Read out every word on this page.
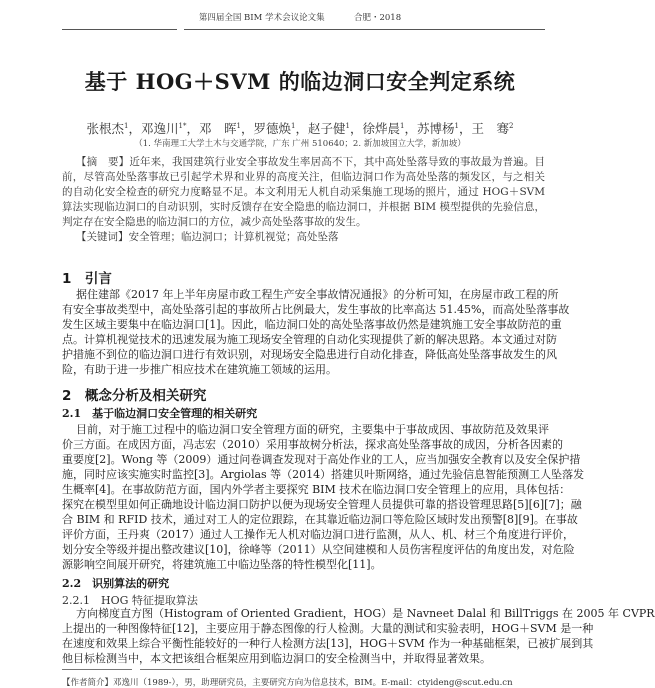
第四届全国 BIM 学术会议论文集	合肥・2018
基于 HOG＋SVM 的临边洞口安全判定系统
张根杰$^1$，邓逸川$^{1*}$，邓　晖$^1$，罗德焕$^1$，赵子健$^1$，徐烨晨$^1$，苏博杨$^1$，王　骞$^2$
（1. 华南理工大学土木与交通学院，广东 广州 510640；2. 新加坡国立大学，新加坡）
【摘　要】近年来，我国建筑行业安全事故发生率居高不下，其中高处坠落导致的事故最为普遍。目
前，尽管高处坠落事故已引起学术界和业界的高度关注，但临边洞口作为高处坠落的频发区，与之相关
的自动化安全检查的研究力度略显不足。本文利用无人机自动采集施工现场的照片，通过 HOG＋SVM
算法实现临边洞口的自动识别，实时反馈存在安全隐患的临边洞口，并根据 BIM 模型提供的先验信息，
判定存在安全隐患的临边洞口的方位，减少高处坠落事故的发生。
【关键词】安全管理；临边洞口；计算机视觉；高处坠落
1　引言
据住建部《2017 年上半年房屋市政工程生产安全事故情况通报》的分析可知，在房屋市政工程的所
有安全事故类型中，高处坠落引起的事故所占比例最大，发生事故的比率高达 51.45%，而高处坠落事故
发生区域主要集中在临边洞口[1]。因此，临边洞口处的高处坠落事故仍然是建筑施工安全事故防范的重
点。计算机视觉技术的迅速发展为施工现场安全管理的自动化实现提供了新的解决思路。本文通过对防
护措施不到位的临边洞口进行有效识别，对现场安全隐患进行自动化排查，降低高处坠落事故发生的风
险，有助于进一步推广相应技术在建筑施工领域的运用。
2　概念分析及相关研究
2.1　基于临边洞口安全管理的相关研究
目前，对于施工过程中的临边洞口安全管理方面的研究，主要集中于事故成因、事故防范及效果评
价三方面。在成因方面，冯志宏（2010）采用事故树分析法，探求高处坠落事故的成因，分析各因素的
重要度[2]。Wong 等（2009）通过问卷调查发现对于高处作业的工人，应当加强安全教育以及安全保护措
施，同时应该实施实时监控[3]。Argiolas 等（2014）搭建贝叶斯网络，通过先验信息智能预测工人坠落发
生概率[4]。在事故防范方面，国内外学者主要探究 BIM 技术在临边洞口安全管理上的应用，具体包括：
探究在模型里如何正确地设计临边洞口防护以便为现场安全管理人员提供可靠的搭设管理思路[5][6][7]；融
合 BIM 和 RFID 技术，通过对工人的定位跟踪，在其靠近临边洞口等危险区域时发出预警[8][9]。在事故
评价方面，王丹爽（2017）通过人工操作无人机对临边洞口进行监测，从人、机、材三个角度进行评价，
划分安全等级并提出整改建议[10]，徐峰等（2011）从空间建模和人员伤害程度评估的角度出发，对危险
源影响空间展开研究，将建筑施工中临边坠落的特性模型化[11]。
2.2　识别算法的研究
2.2.1　HOG 特征提取算法
方向梯度直方图（Histogram of Oriented Gradient，HOG）是 Navneet Dalal 和 BillTriggs 在 2005 年 CVPR
上提出的一种图像特征[12]，主要应用于静态图像的行人检测。大量的测试和实验表明，HOG＋SVM 是一种
在速度和效果上综合平衡性能较好的一种行人检测方法[13]，HOG＋SVM 作为一种基础框架，已被扩展到其
他目标检测当中，本文把该组合框架应用到临边洞口的安全检测当中，并取得显著效果。
【作者简介】邓逸川（1989-），男，助理研究员，主要研究方向为信息技术，BIM。E-mail：ctyideng@scut.edu.cn
